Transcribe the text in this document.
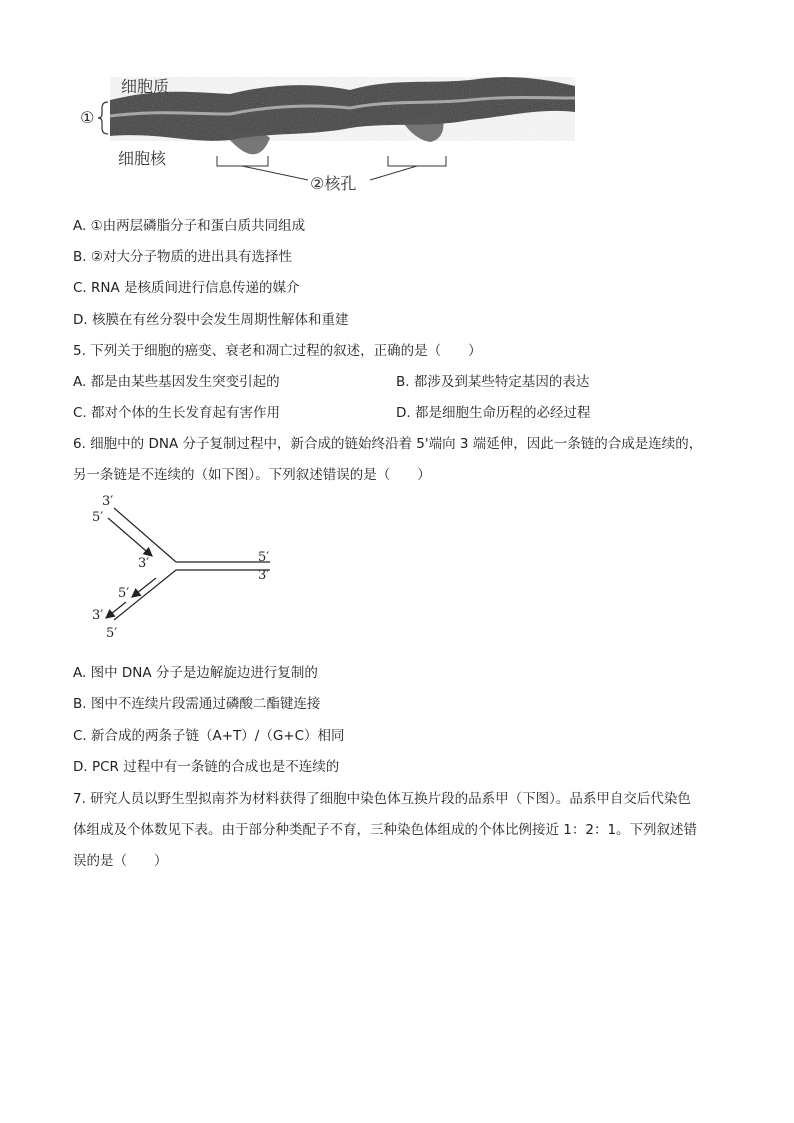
细胞质
①
细胞核
②核孔
A. ①由两层磷脂分子和蛋白质共同组成
B. ②对大分子物质的进出具有选择性
C. RNA 是核质间进行信息传递的媒介
D. 核膜在有丝分裂中会发生周期性解体和重建
5. 下列关于细胞的癌变、衰老和凋亡过程的叙述，正确的是（　　）
A. 都是由某些基因发生突变引起的	B. 都涉及到某些特定基因的表达
C. 都对个体的生长发育起有害作用	D. 都是细胞生命历程的必经过程
6. 细胞中的 DNA 分子复制过程中，新合成的链始终沿着 5'端向 3 端延伸，因此一条链的合成是连续的，
另一条链是不连续的（如下图）。下列叙述错误的是（　　）
3′
5′
3′	5′
3′
5′
3′
5′
A. 图中 DNA 分子是边解旋边进行复制的
B. 图中不连续片段需通过磷酸二酯键连接
C. 新合成的两条子链（A+T）/（G+C）相同
D. PCR 过程中有一条链的合成也是不连续的
7. 研究人员以野生型拟南芥为材料获得了细胞中染色体互换片段的品系甲（下图）。品系甲自交后代染色
体组成及个体数见下表。由于部分种类配子不育，三种染色体组成的个体比例接近 1：2：1。下列叙述错
误的是（　　）
